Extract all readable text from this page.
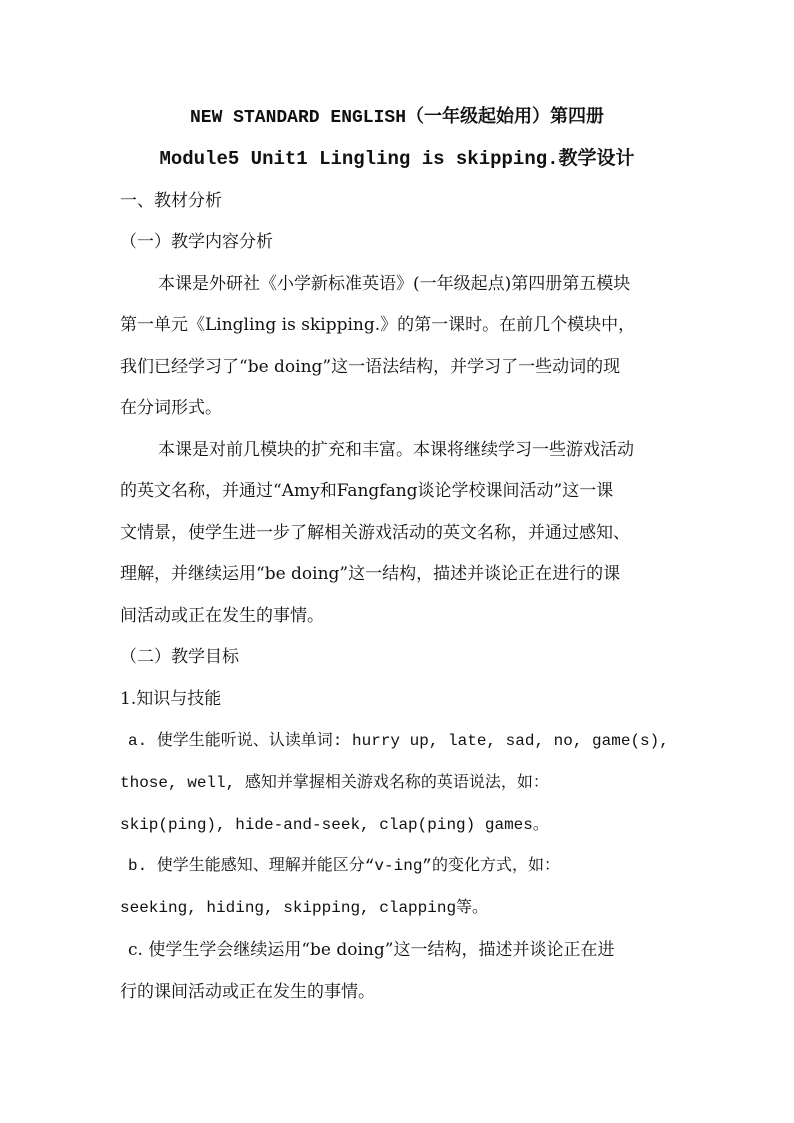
NEW STANDARD ENGLISH（一年级起始用）第四册
Module5 Unit1 Lingling is skipping.教学设计
一、教材分析
（一）教学内容分析
本课是外研社《小学新标准英语》(一年级起点)第四册第五模块
第一单元《Lingling is skipping.》的第一课时。在前几个模块中，
我们已经学习了“be doing”这一语法结构，并学习了一些动词的现
在分词形式。
本课是对前几模块的扩充和丰富。本课将继续学习一些游戏活动
的英文名称，并通过“Amy和Fangfang谈论学校课间活动”这一课
文情景，使学生进一步了解相关游戏活动的英文名称，并通过感知、
理解，并继续运用“be doing”这一结构，描述并谈论正在进行的课
间活动或正在发生的事情。
（二）教学目标
1.知识与技能
a. 使学生能听说、认读单词: hurry up, late, sad, no, game(s),
those, well, 感知并掌握相关游戏名称的英语说法，如：
skip(ping), hide-and-seek, clap(ping) games。
b. 使学生能感知、理解并能区分“v-ing”的变化方式，如：
seeking, hiding, skipping, clapping等。
c. 使学生学会继续运用“be doing”这一结构，描述并谈论正在进
行的课间活动或正在发生的事情。
